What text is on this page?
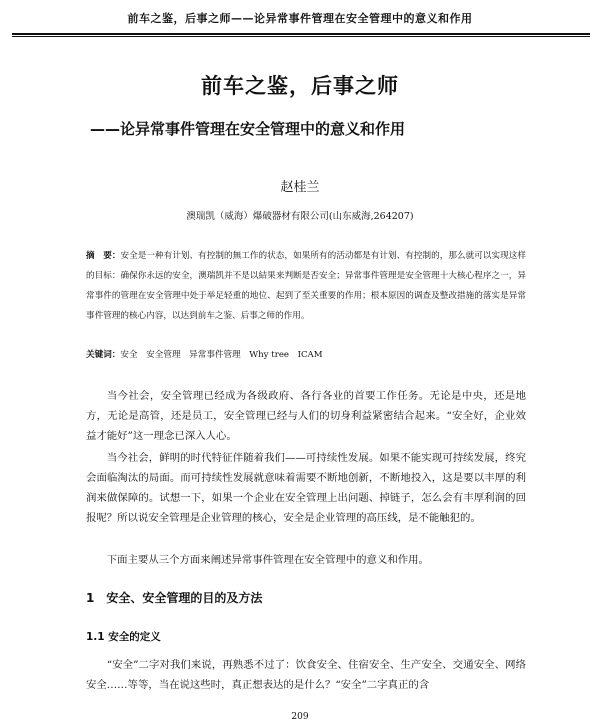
前车之鉴，后事之师——论异常事件管理在安全管理中的意义和作用
前车之鉴，后事之师
——论异常事件管理在安全管理中的意义和作用
赵桂兰
澳瑞凯（威海）爆破器材有限公司(山东威海,264207)
摘　要：安全是一种有计划、有控制的無工作的状态，如果所有的活动都是有计划、有控制的，那么就可以实现这样的目标：确保你永远的安全，澳瑞凯并不是以結果来判断是否安全；异常事件管理是安全管理十大核心程序之一，异常事件的管理在安全管理中处于举足轻重的地位、起到了至关重要的作用；根本原因的调查及整改措施的落实是异常事件管理的核心内容，以达到前车之鉴、后事之师的作用。
关键词：安全　安全管理　异常事件管理　Why tree　ICAM

当今社会，安全管理已经成为各级政府、各行各业的首要工作任务。无论是中央，还是地方，无论是高管，还是员工，安全管理已经与人们的切身利益紧密结合起来。“安全好，企业效益才能好”这一理念已深入人心。

当今社会，鲜明的时代特征伴随着我们——可持续性发展。如果不能实现可持续发展，终究会面临淘汰的局面。而可持续性发展就意味着需要不断地创新，不断地投入，这是要以丰厚的利润来做保障的。试想一下，如果一个企业在安全管理上出问题、掉链子，怎么会有丰厚利润的回报呢？所以说安全管理是企业管理的核心，安全是企业管理的高压线，是不能触犯的。

下面主要从三个方面来阐述异常事件管理在安全管理中的意义和作用。

1　安全、安全管理的目的及方法
1.1 安全的定义

“安全”二字对我们来说，再熟悉不过了：饮食安全、住宿安全、生产安全、交通安全、网络安全……等等，当在说这些时，真正想表达的是什么？“安全”二字真正的含

209
